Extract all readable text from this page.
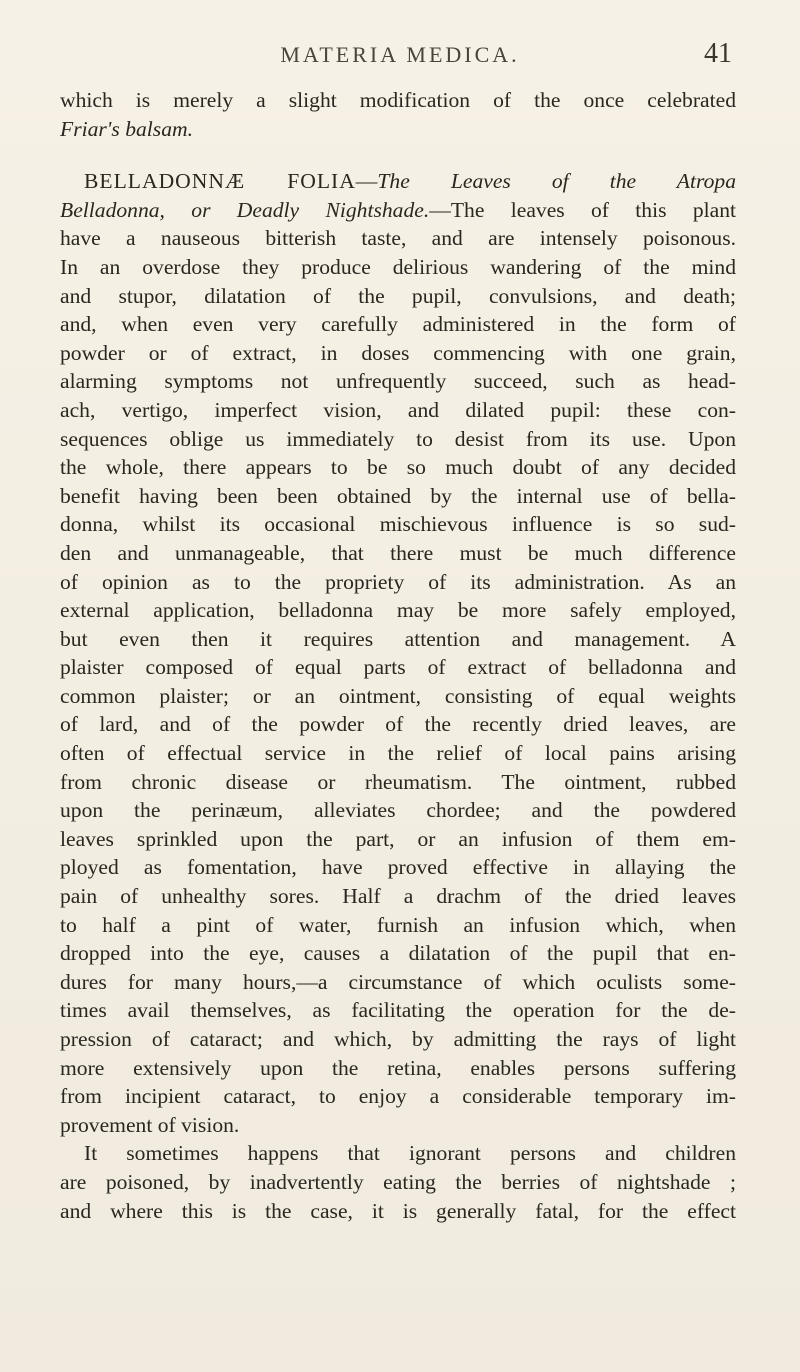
MATERIA MEDICA.	41
which is merely a slight modification of the once celebrated
Friar's balsam.
BELLADONNÆ FOLIA—The Leaves of the Atropa
Belladonna, or Deadly Nightshade.—The leaves of this plant
have a nauseous bitterish taste, and are intensely poisonous.
In an overdose they produce delirious wandering of the mind
and stupor, dilatation of the pupil, convulsions, and death;
and, when even very carefully administered in the form of
powder or of extract, in doses commencing with one grain,
alarming symptoms not unfrequently succeed, such as head-
ach, vertigo, imperfect vision, and dilated pupil: these con-
sequences oblige us immediately to desist from its use. Upon
the whole, there appears to be so much doubt of any decided
benefit having been been obtained by the internal use of bella-
donna, whilst its occasional mischievous influence is so sud-
den and unmanageable, that there must be much difference
of opinion as to the propriety of its administration. As an
external application, belladonna may be more safely employed,
but even then it requires attention and management. A
plaister composed of equal parts of extract of belladonna and
common plaister; or an ointment, consisting of equal weights
of lard, and of the powder of the recently dried leaves, are
often of effectual service in the relief of local pains arising
from chronic disease or rheumatism. The ointment, rubbed
upon the perinæum, alleviates chordee; and the powdered
leaves sprinkled upon the part, or an infusion of them em-
ployed as fomentation, have proved effective in allaying the
pain of unhealthy sores. Half a drachm of the dried leaves
to half a pint of water, furnish an infusion which, when
dropped into the eye, causes a dilatation of the pupil that en-
dures for many hours,—a circumstance of which oculists some-
times avail themselves, as facilitating the operation for the de-
pression of cataract; and which, by admitting the rays of light
more extensively upon the retina, enables persons suffering
from incipient cataract, to enjoy a considerable temporary im-
provement of vision.
It sometimes happens that ignorant persons and children
are poisoned, by inadvertently eating the berries of nightshade ;
and where this is the case, it is generally fatal, for the effect
